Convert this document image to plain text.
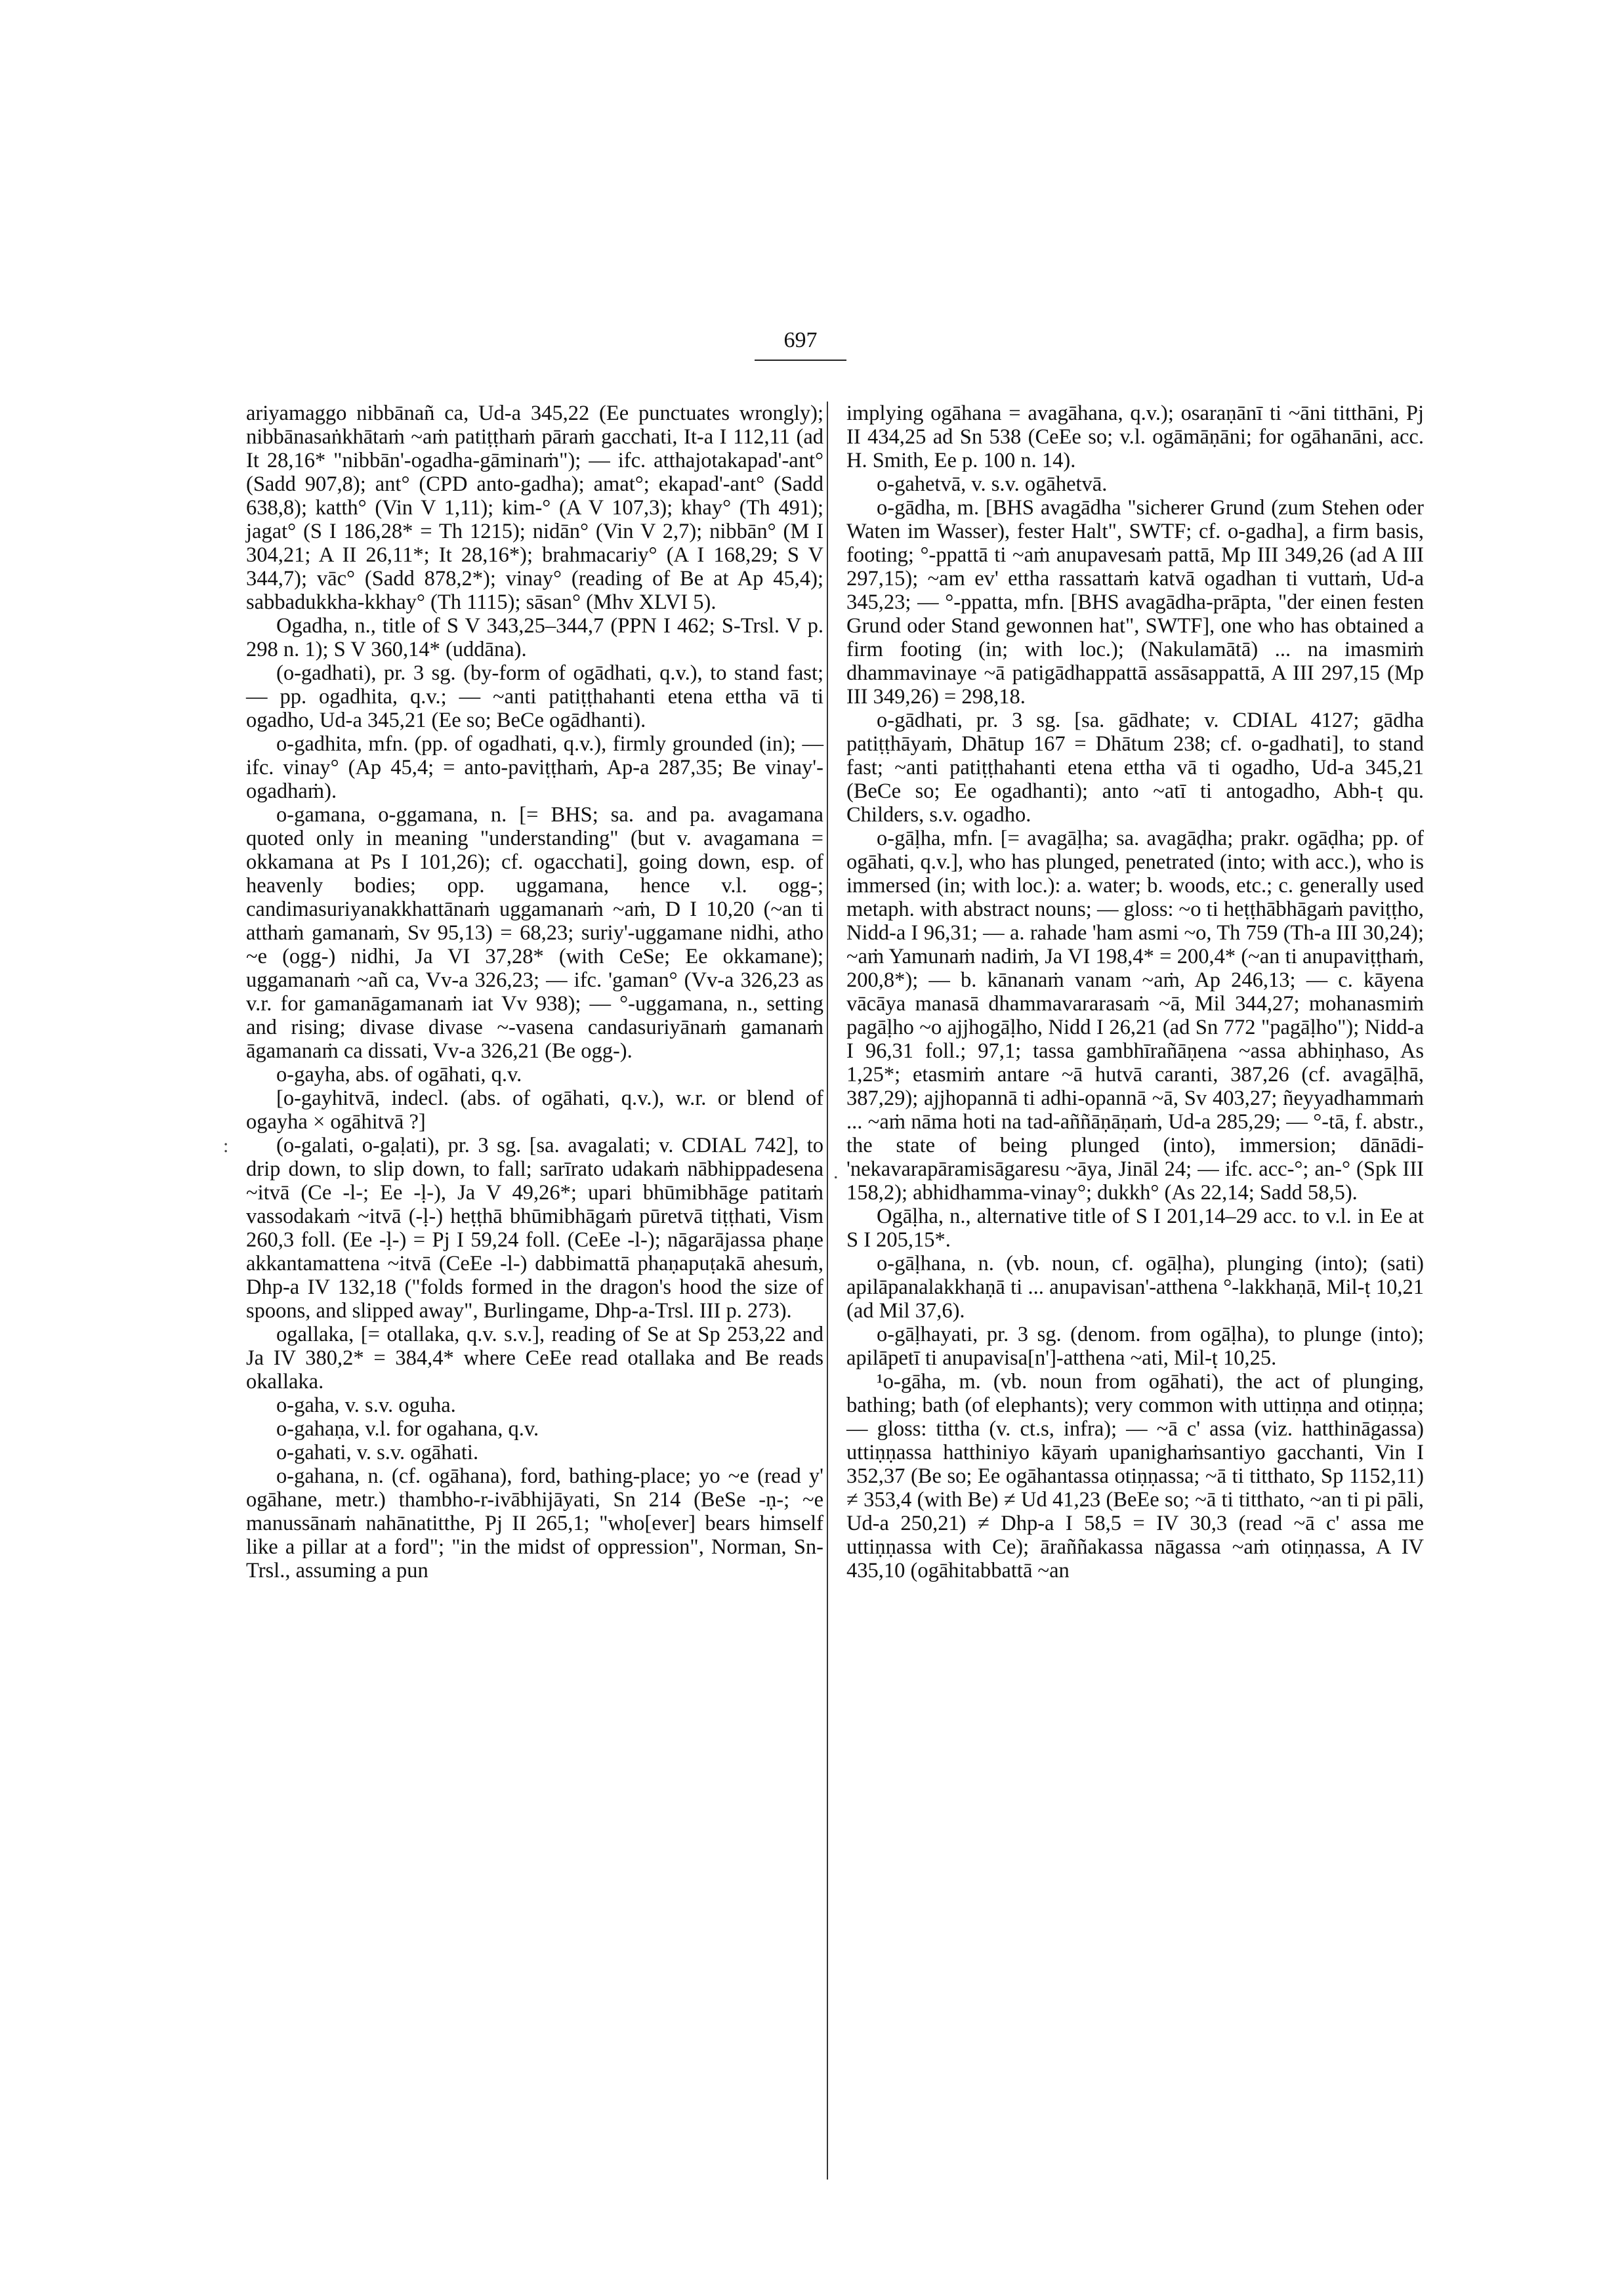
697

ariyamaggo nibbānañ ca, Ud-a 345,22 (Ee punctuates wrongly); nibbānasaṅkhātaṁ ~aṁ patiṭṭhaṁ pāraṁ gacchati, It-a I 112,11 (ad It 28,16* "nibbān'-ogadha-gāminaṁ"); — ifc. atthajotakapad'-ant° (Sadd 907,8); ant° (CPD anto-gadha); amat°; ekapad'-ant° (Sadd 638,8); katth° (Vin V 1,11); kim-° (A V 107,3); khay° (Th 491); jagat° (S I 186,28* = Th 1215); nidān° (Vin V 2,7); nibbān° (M I 304,21; A II 26,11*; It 28,16*); brahmacariy° (A I 168,29; S V 344,7); vāc° (Sadd 878,2*); vinay° (reading of Be at Ap 45,4); sabbadukkha-kkhay° (Th 1115); sāsan° (Mhv XLVI 5).

Ogadha, n., title of S V 343,25–344,7 (PPN I 462; S-Trsl. V p. 298 n. 1); S V 360,14* (uddāna).

(o-gadhati), pr. 3 sg. (by-form of ogādhati, q.v.), to stand fast; — pp. ogadhita, q.v.; — ~anti patiṭṭhahanti etena ettha vā ti ogadho, Ud-a 345,21 (Ee so; BeCe ogādhanti).

o-gadhita, mfn. (pp. of ogadhati, q.v.), firmly grounded (in); — ifc. vinay° (Ap 45,4; = anto-paviṭṭhaṁ, Ap-a 287,35; Be vinay'-ogadhaṁ).

o-gamana, o-ggamana, n. [= BHS; sa. and pa. avagamana quoted only in meaning "understanding" (but v. avagamana = okkamana at Ps I 101,26); cf. ogacchati], going down, esp. of heavenly bodies; opp. uggamana, hence v.l. ogg-; candimasuriyanakkhattānaṁ uggamanaṁ ~aṁ, D I 10,20 (~an ti atthaṁ gamanaṁ, Sv 95,13) = 68,23; suriy'-uggamane nidhi, atho ~e (ogg-) nidhi, Ja VI 37,28* (with CeSe; Ee okkamane); uggamanaṁ ~añ ca, Vv-a 326,23; — ifc. 'gaman° (Vv-a 326,23 as v.r. for gamanāgamanaṁ iat Vv 938); — °-uggamana, n., setting and rising; divase divase ~-vasena candasuriyānaṁ gamanaṁ āgamanaṁ ca dissati, Vv-a 326,21 (Be ogg-).

o-gayha, abs. of ogāhati, q.v.

[o-gayhitvā, indecl. (abs. of ogāhati, q.v.), w.r. or blend of ogayha × ogāhitvā ?]

(o-galati, o-gaḷati), pr. 3 sg. [sa. avagalati; v. CDIAL 742], to drip down, to slip down, to fall; sarīrato udakaṁ nābhippadesena ~itvā (Ce -l-; Ee -ḷ-), Ja V 49,26*; upari bhūmibhāge patitaṁ vassodakaṁ ~itvā (-ḷ-) heṭṭhā bhūmibhāgaṁ pūretvā tiṭṭhati, Vism 260,3 foll. (Ee -ḷ-) = Pj I 59,24 foll. (CeEe -l-); nāgarājassa phaṇe akkantamattena ~itvā (CeEe -l-) dabbimattā phaṇapuṭakā ahesuṁ, Dhp-a IV 132,18 ("folds formed in the dragon's hood the size of spoons, and slipped away", Burlingame, Dhp-a-Trsl. III p. 273).

ogallaka, [= otallaka, q.v. s.v.], reading of Se at Sp 253,22 and Ja IV 380,2* = 384,4* where CeEe read otallaka and Be reads okallaka.

o-gaha, v. s.v. oguha.

o-gahaṇa, v.l. for ogahana, q.v.

o-gahati, v. s.v. ogāhati.

o-gahana, n. (cf. ogāhana), ford, bathing-place; yo ~e (read y' ogāhane, metr.) thambho-r-ivābhijāyati, Sn 214 (BeSe -ṇ-; ~e manussānaṁ nahānatitthe, Pj II 265,1; "who[ever] bears himself like a pillar at a ford"; "in the midst of oppression", Norman, Sn-Trsl., assuming a pun

implying ogāhana = avagāhana, q.v.); osaraṇānī ti ~āni titthāni, Pj II 434,25 ad Sn 538 (CeEe so; v.l. ogāmāṇāni; for ogāhanāni, acc. H. Smith, Ee p. 100 n. 14).

o-gahetvā, v. s.v. ogāhetvā.

o-gādha, m. [BHS avagādha "sicherer Grund (zum Stehen oder Waten im Wasser), fester Halt", SWTF; cf. o-gadha], a firm basis, footing; °-ppattā ti ~aṁ anupavesaṁ pattā, Mp III 349,26 (ad A III 297,15); ~am ev' ettha rassattaṁ katvā ogadhan ti vuttaṁ, Ud-a 345,23; — °-ppatta, mfn. [BHS avagādha-prāpta, "der einen festen Grund oder Stand gewonnen hat", SWTF], one who has obtained a firm footing (in; with loc.); (Nakulamātā) ... na imasmiṁ dhammavinaye ~ā patigādhappattā assāsappattā, A III 297,15 (Mp III 349,26) = 298,18.

o-gādhati, pr. 3 sg. [sa. gādhate; v. CDIAL 4127; gādha patiṭṭhāyaṁ, Dhātup 167 = Dhātum 238; cf. o-gadhati], to stand fast; ~anti patiṭṭhahanti etena ettha vā ti ogadho, Ud-a 345,21 (BeCe so; Ee ogadhanti); anto ~atī ti antogadho, Abh-ṭ qu. Childers, s.v. ogadho.

o-gāḷha, mfn. [= avagāḷha; sa. avagāḍha; prakr. ogāḍha; pp. of ogāhati, q.v.], who has plunged, penetrated (into; with acc.), who is immersed (in; with loc.): a. water; b. woods, etc.; c. generally used metaph. with abstract nouns; — gloss: ~o ti heṭṭhābhāgaṁ paviṭṭho, Nidd-a I 96,31; — a. rahade 'ham asmi ~o, Th 759 (Th-a III 30,24); ~aṁ Yamunaṁ nadiṁ, Ja VI 198,4* = 200,4* (~an ti anupaviṭṭhaṁ, 200,8*); — b. kānanaṁ vanam ~aṁ, Ap 246,13; — c. kāyena vācāya manasā dhammavararasaṁ ~ā, Mil 344,27; mohanasmiṁ pagāḷho ~o ajjhogāḷho, Nidd I 26,21 (ad Sn 772 "pagāḷho"); Nidd-a I 96,31 foll.; 97,1; tassa gambhīrañāṇena ~assa abhiṇhaso, As 1,25*; etasmiṁ antare ~ā hutvā caranti, 387,26 (cf. avagāḷhā, 387,29); ajjhopannā ti adhi-opannā ~ā, Sv 403,27; ñeyyadhammaṁ ... ~aṁ nāma hoti na tad-aññāṇāṇaṁ, Ud-a 285,29; — °-tā, f. abstr., the state of being plunged (into), immersion; dānādi-'nekavarapāramisāgaresu ~āya, Jināl 24; — ifc. acc-°; an-° (Spk III 158,2); abhidhamma-vinay°; dukkh° (As 22,14; Sadd 58,5).

Ogāḷha, n., alternative title of S I 201,14–29 acc. to v.l. in Ee at S I 205,15*.

o-gāḷhana, n. (vb. noun, cf. ogāḷha), plunging (into); (sati) apilāpanalakkhaṇā ti ... anupavisan'-atthena °-lakkhaṇā, Mil-ṭ 10,21 (ad Mil 37,6).

o-gāḷhayati, pr. 3 sg. (denom. from ogāḷha), to plunge (into); apilāpetī ti anupavisa[n']-atthena ~ati, Mil-ṭ 10,25.

¹o-gāha, m. (vb. noun from ogāhati), the act of plunging, bathing; bath (of elephants); very common with uttiṇṇa and otiṇṇa; — gloss: tittha (v. ct.s, infra); — ~ā c' assa (viz. hatthināgassa) uttiṇṇassa hatthiniyo kāyaṁ upanighaṁsantiyo gacchanti, Vin I 352,37 (Be so; Ee ogāhantassa otiṇṇassa; ~ā ti titthato, Sp 1152,11) ≠ 353,4 (with Be) ≠ Ud 41,23 (BeEe so; ~ā ti titthato, ~an ti pi pāli, Ud-a 250,21) ≠ Dhp-a I 58,5 = IV 30,3 (read ~ā c' assa me uttiṇṇassa with Ce); āraññakassa nāgassa ~aṁ otiṇṇassa, A IV 435,10 (ogāhitabbattā ~an

:
.
